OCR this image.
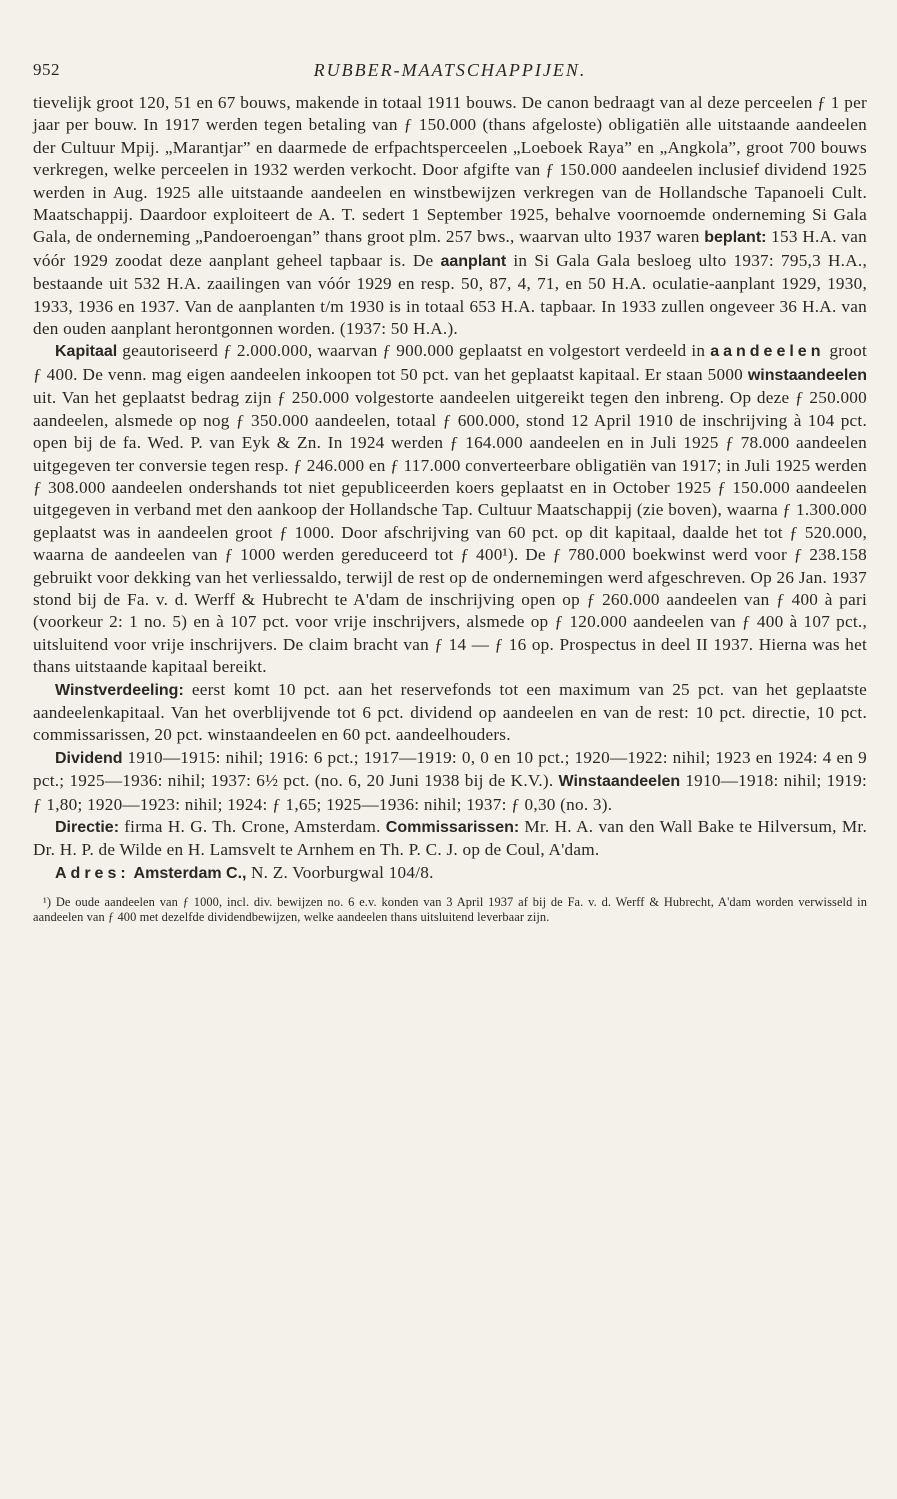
952	RUBBER-MAATSCHAPPIJEN.

tievelijk groot 120, 51 en 67 bouws, makende in totaal 1911 bouws. De canon bedraagt van al deze perceelen ƒ 1 per jaar per bouw. In 1917 werden tegen betaling van ƒ 150.000 (thans afgeloste) obligatiën alle uitstaande aandeelen der Cultuur Mpij. „Marantjar” en daarmede de erfpachtsperceelen „Loeboek Raya” en „Angkola”, groot 700 bouws verkregen, welke perceelen in 1932 werden verkocht. Door afgifte van ƒ 150.000 aandeelen inclusief dividend 1925 werden in Aug. 1925 alle uitstaande aandeelen en winstbewijzen verkregen van de Hollandsche Tapanoeli Cult. Maatschappij. Daardoor exploiteert de A. T. sedert 1 September 1925, behalve voornoemde onderneming Si Gala Gala, de onderneming „Pandoeroengan” thans groot plm. 257 bws., waarvan ulto 1937 waren beplant: 153 H.A. van vóór 1929 zoodat deze aanplant geheel tapbaar is. De aanplant in Si Gala Gala besloeg ulto 1937: 795,3 H.A., bestaande uit 532 H.A. zaailingen van vóór 1929 en resp. 50, 87, 4, 71, en 50 H.A. oculatie-aanplant 1929, 1930, 1933, 1936 en 1937. Van de aanplanten t/m 1930 is in totaal 653 H.A. tapbaar. In 1933 zullen ongeveer 36 H.A. van den ouden aanplant herontgonnen worden. (1937: 50 H.A.).

Kapitaal geautoriseerd ƒ 2.000.000, waarvan ƒ 900.000 geplaatst en volgestort verdeeld in aandeelen groot ƒ 400. De venn. mag eigen aandeelen inkoopen tot 50 pct. van het geplaatst kapitaal. Er staan 5000 winstaandeelen uit. Van het geplaatst bedrag zijn ƒ 250.000 volgestorte aandeelen uitgereikt tegen den inbreng. Op deze ƒ 250.000 aandeelen, alsmede op nog ƒ 350.000 aandeelen, totaal ƒ 600.000, stond 12 April 1910 de inschrijving à 104 pct. open bij de fa. Wed. P. van Eyk & Zn. In 1924 werden ƒ 164.000 aandeelen en in Juli 1925 ƒ 78.000 aandeelen uitgegeven ter conversie tegen resp. ƒ 246.000 en ƒ 117.000 converteerbare obligatiën van 1917; in Juli 1925 werden ƒ 308.000 aandeelen ondershands tot niet gepubliceerden koers geplaatst en in October 1925 ƒ 150.000 aandeelen uitgegeven in verband met den aankoop der Hollandsche Tap. Cultuur Maatschappij (zie boven), waarna ƒ 1.300.000 geplaatst was in aandeelen groot ƒ 1000. Door afschrijving van 60 pct. op dit kapitaal, daalde het tot ƒ 520.000, waarna de aandeelen van ƒ 1000 werden gereduceerd tot ƒ 400¹). De ƒ 780.000 boekwinst werd voor ƒ 238.158 gebruikt voor dekking van het verliessaldo, terwijl de rest op de ondernemingen werd afgeschreven. Op 26 Jan. 1937 stond bij de Fa. v. d. Werff & Hubrecht te A'dam de inschrijving open op ƒ 260.000 aandeelen van ƒ 400 à pari (voorkeur 2: 1 no. 5) en à 107 pct. voor vrije inschrijvers, alsmede op ƒ 120.000 aandeelen van ƒ 400 à 107 pct., uitsluitend voor vrije inschrijvers. De claim bracht van ƒ 14 — ƒ 16 op. Prospectus in deel II 1937. Hierna was het thans uitstaande kapitaal bereikt.

Winstverdeeling: eerst komt 10 pct. aan het reservefonds tot een maximum van 25 pct. van het geplaatste aandeelenkapitaal. Van het overblijvende tot 6 pct. dividend op aandeelen en van de rest: 10 pct. directie, 10 pct. commissarissen, 20 pct. winstaandeelen en 60 pct. aandeelhouders.

Dividend 1910—1915: nihil; 1916: 6 pct.; 1917—1919: 0, 0 en 10 pct.; 1920—1922: nihil; 1923 en 1924: 4 en 9 pct.; 1925—1936: nihil; 1937: 6½ pct. (no. 6, 20 Juni 1938 bij de K.V.). Winstaandeelen 1910—1918: nihil; 1919: ƒ 1,80; 1920—1923: nihil; 1924: ƒ 1,65; 1925—1936: nihil; 1937: ƒ 0,30 (no. 3).

Directie: firma H. G. Th. Crone, Amsterdam. Commissarissen: Mr. H. A. van den Wall Bake te Hilversum, Mr. Dr. H. P. de Wilde en H. Lamsvelt te Arnhem en Th. P. C. J. op de Coul, A'dam.

Adres: Amsterdam C., N. Z. Voorburgwal 104/8.

¹) De oude aandeelen van ƒ 1000, incl. div. bewijzen no. 6 e.v. konden van 3 April 1937 af bij de Fa. v. d. Werff & Hubrecht, A'dam worden verwisseld in aandeelen van ƒ 400 met dezelfde dividendbewijzen, welke aandeelen thans uitsluitend leverbaar zijn.
